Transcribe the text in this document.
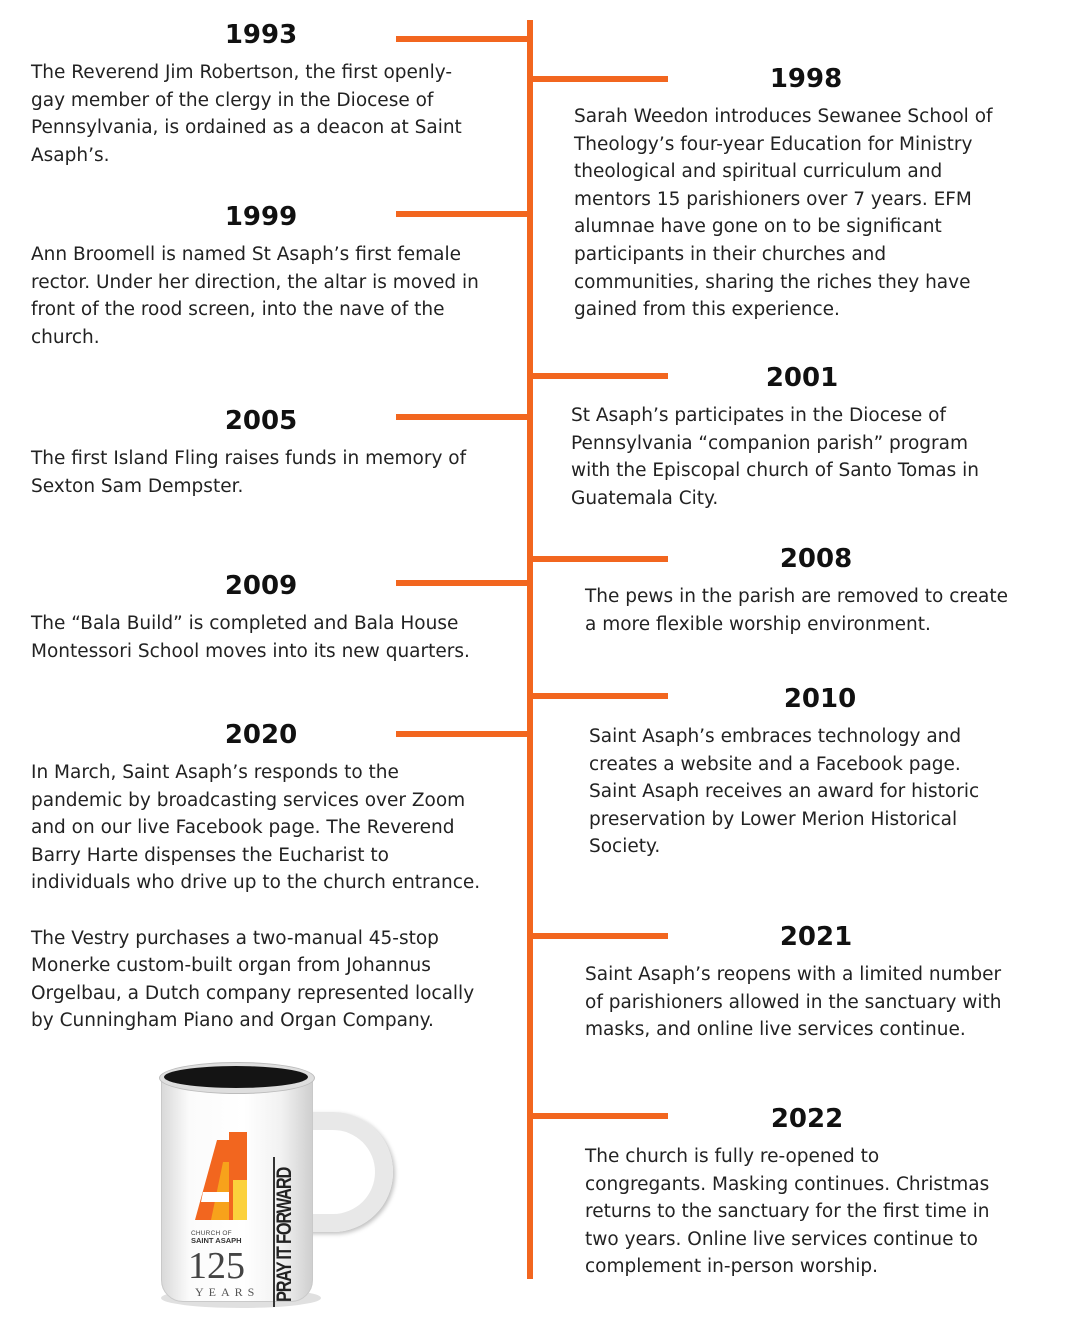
1993
The Reverend Jim Robertson, the first openly-
gay member of the clergy in the Diocese of
Pennsylvania, is ordained as a deacon at Saint
Asaph’s.
1999
Ann Broomell is named St Asaph’s first female
rector. Under her direction, the altar is moved in
front of the rood screen, into the nave of the
church.
2005
The first Island Fling raises funds in memory of
Sexton Sam Dempster.
2009
The “Bala Build” is completed and Bala House
Montessori School moves into its new quarters.
2020
In March, Saint Asaph’s responds to the
pandemic by broadcasting services over Zoom
and on our live Facebook page. The Reverend
Barry Harte dispenses the Eucharist to
individuals who drive up to the church entrance.

The Vestry purchases a two-manual 45-stop
Monerke custom-built organ from Johannus
Orgelbau, a Dutch company represented locally
by Cunningham Piano and Organ Company.
1998
Sarah Weedon introduces Sewanee School of
Theology’s four-year Education for Ministry
theological and spiritual curriculum and
mentors 15 parishioners over 7 years. EFM
alumnae have gone on to be significant
participants in their churches and
communities, sharing the riches they have
gained from this experience.
2001
St Asaph’s participates in the Diocese of
Pennsylvania “companion parish” program
with the Episcopal church of Santo Tomas in
Guatemala City.
2008
The pews in the parish are removed to create
a more flexible worship environment.
2010
Saint Asaph’s embraces technology and
creates a website and a Facebook page.
Saint Asaph receives an award for historic
preservation by Lower Merion Historical
Society.
2021
Saint Asaph’s reopens with a limited number
of parishioners allowed in the sanctuary with
masks, and online live services continue.
2022
The church is fully re-opened to
congregants. Masking continues. Christmas
returns to the sanctuary for the first time in
two years. Online live services continue to
complement in-person worship.
CHURCH OF
SAINT ASAPH
125
YEARS PRAY IT FORWARD
